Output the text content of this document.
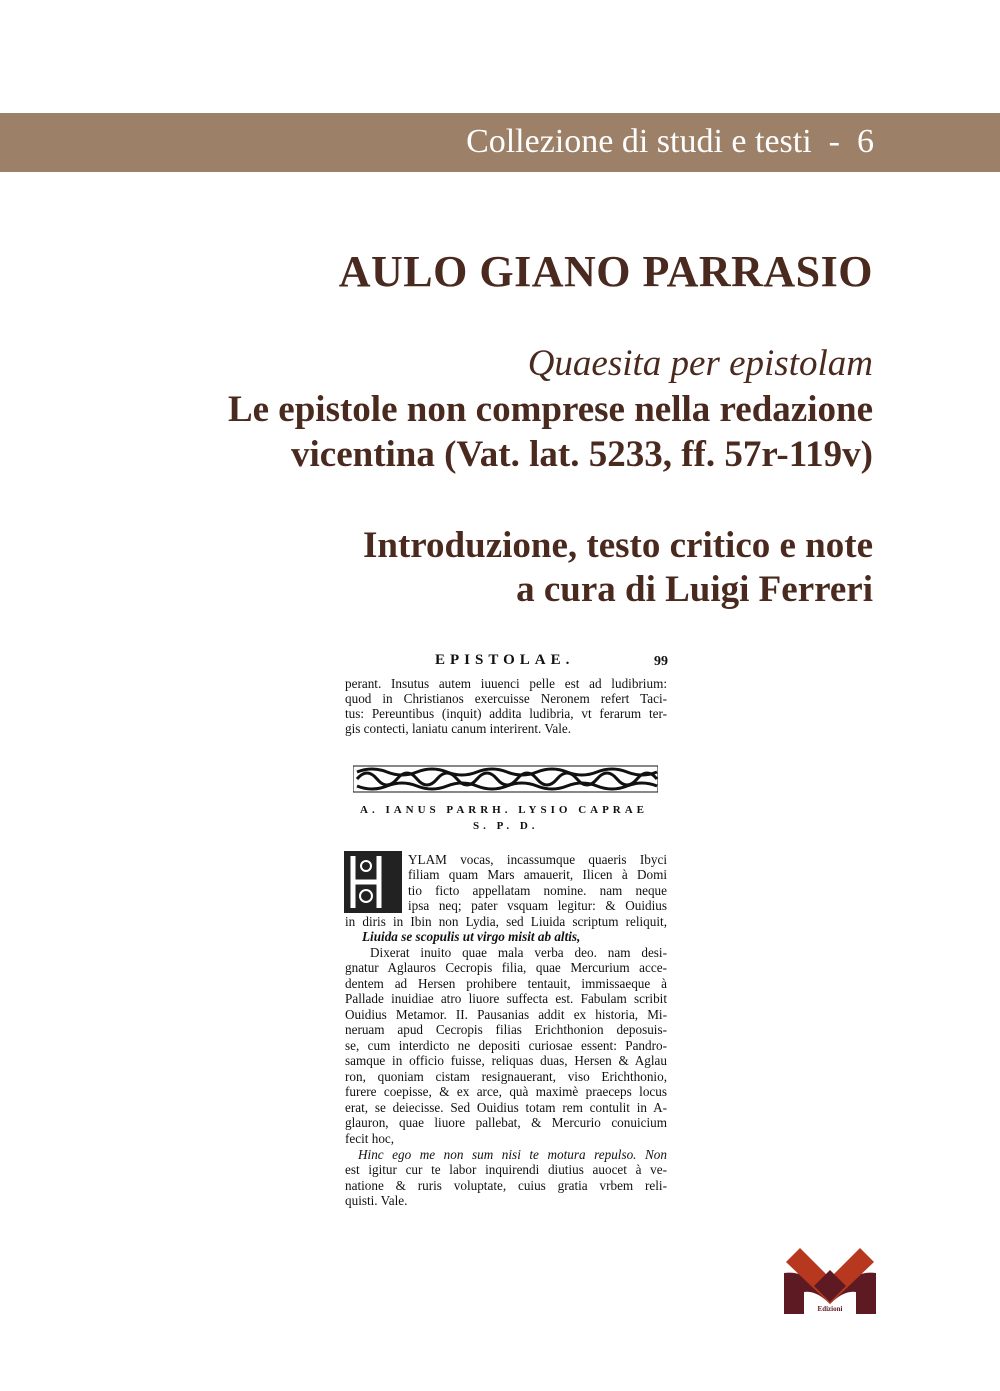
Collezione di studi e testi  -  6
AULO GIANO PARRASIO
Quaesita per epistolam
Le epistole non comprese nella redazione
vicentina (Vat. lat. 5233, ff. 57r-119v)
Introduzione, testo critico e note
a cura di Luigi Ferreri
EPISTOLAE.	99
perant. Insutus autem iuuenci pelle est ad ludibrium:
quod in Christianos exercuisse Neronem refert Taci-
tus: Pereuntibus (inquit) addita ludibria, vt ferarum ter-
gis contecti, laniatu canum interirent. Vale.
A. IANUS PARRH. LYSIO CAPRAE
S. P. D.
YLAM vocas, incassumque quaeris Ibyci
filiam quam Mars amauerit, Ilicen à Domi
tio ficto appellatam nomine. nam neque
ipsa neq; pater vsquam legitur: & Ouidius
in diris in Ibin non Lydia, sed Liuida scriptum reliquit,
Liuida se scopulis ut virgo misit ab altis,
Dixerat inuito quae mala verba deo. nam desi-
gnatur Aglauros Cecropis filia, quae Mercurium acce-
dentem ad Hersen prohibere tentauit, immissaeque à
Pallade inuidiae atro liuore suffecta est. Fabulam scribit
Ouidius Metamor. II. Pausanias addit ex historia, Mi-
neruam apud Cecropis filias Erichthonion deposuis-
se, cum interdicto ne depositi curiosae essent: Pandro-
samque in officio fuisse, reliquas duas, Hersen & Aglau
ron, quoniam cistam resignauerant, viso Erichthonio,
furere coepisse, & ex arce, quà maximè praeceps locus
erat, se deiecisse. Sed Ouidius totam rem contulit in A-
glauron, quae liuore pallebat, & Mercurio conuicium
fecit hoc,
Hinc ego me non sum nisi te motura repulso. Non
est igitur cur te labor inquirendi diutius auocet à ve-
natione & ruris voluptate, cuius gratia vrbem reli-
quisti. Vale.
Edizioni
